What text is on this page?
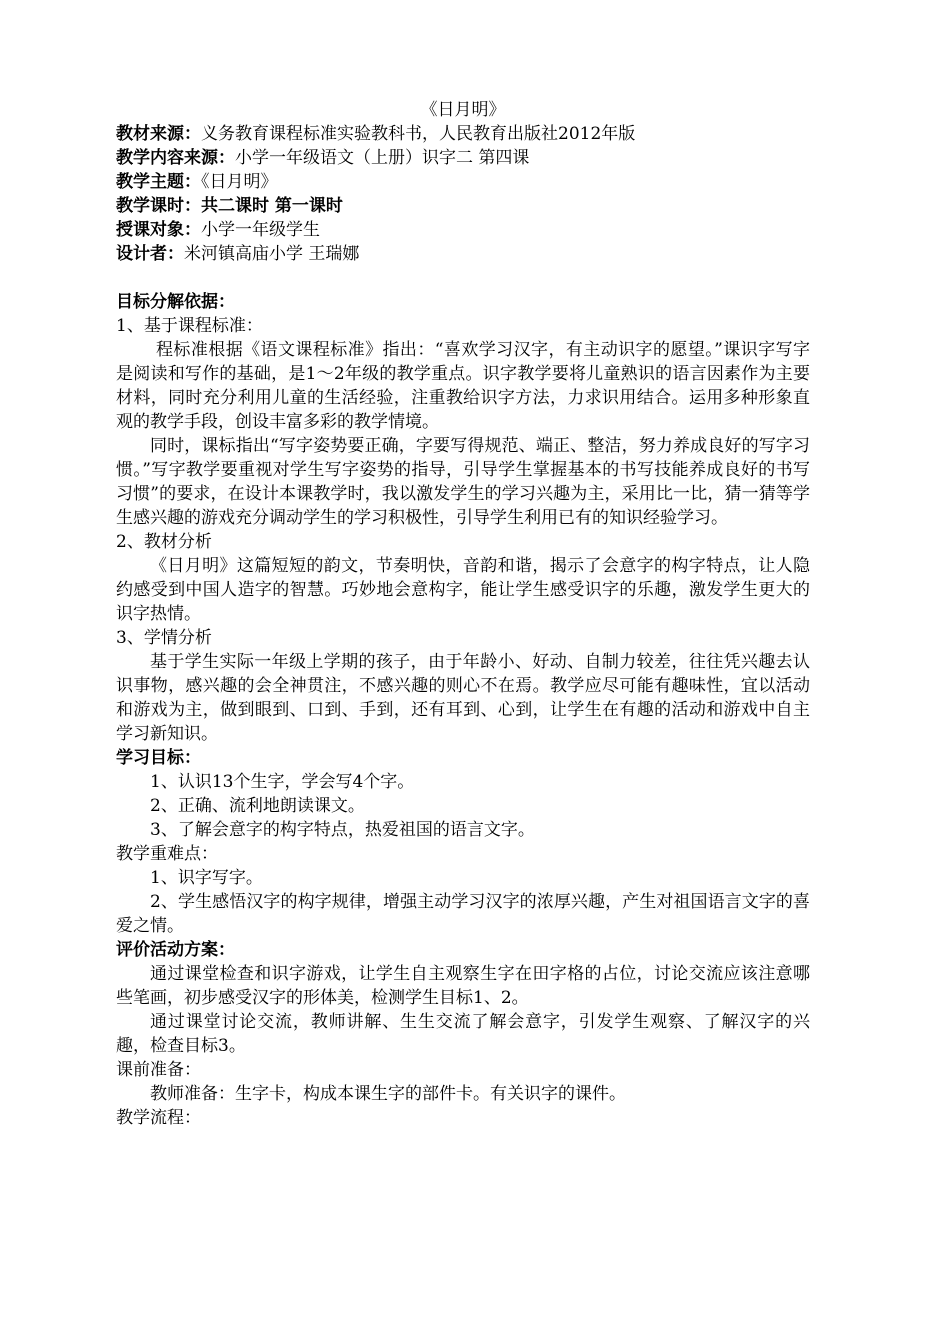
《日月明》

教材来源：义务教育课程标准实验教科书，人民教育出版社2012年版

教学内容来源：小学一年级语文（上册）识字二 第四课

教学主题：《日月明》

教学课时：共二课时 第一课时

授课对象：小学一年级学生

设计者：米河镇高庙小学 王瑞娜

目标分解依据：

1、基于课程标准：

程标准根据《语文课程标准》指出：“喜欢学习汉字，有主动识字的愿望。”课识字写字是阅读和写作的基础，是1～2年级的教学重点。识字教学要将儿童熟识的语言因素作为主要材料，同时充分利用儿童的生活经验，注重教给识字方法，力求识用结合。运用多种形象直观的教学手段，创设丰富多彩的教学情境。

同时，课标指出“写字姿势要正确，字要写得规范、端正、整洁，努力养成良好的写字习惯。”写字教学要重视对学生写字姿势的指导，引导学生掌握基本的书写技能养成良好的书写习惯”的要求，在设计本课教学时，我以激发学生的学习兴趣为主，采用比一比，猜一猜等学生感兴趣的游戏充分调动学生的学习积极性，引导学生利用已有的知识经验学习。

2、教材分析

《日月明》这篇短短的韵文，节奏明快，音韵和谐，揭示了会意字的构字特点，让人隐约感受到中国人造字的智慧。巧妙地会意构字，能让学生感受识字的乐趣，激发学生更大的识字热情。

3、学情分析

基于学生实际一年级上学期的孩子，由于年龄小、好动、自制力较差，往往凭兴趣去认识事物，感兴趣的会全神贯注，不感兴趣的则心不在焉。教学应尽可能有趣味性，宜以活动和游戏为主，做到眼到、口到、手到，还有耳到、心到，让学生在有趣的活动和游戏中自主学习新知识。

学习目标：

1、认识13个生字，学会写4个字。

2、正确、流利地朗读课文。

3、了解会意字的构字特点，热爱祖国的语言文字。

教学重难点：

1、识字写字。

2、学生感悟汉字的构字规律，增强主动学习汉字的浓厚兴趣，产生对祖国语言文字的喜爱之情。

评价活动方案：

通过课堂检查和识字游戏，让学生自主观察生字在田字格的占位，讨论交流应该注意哪些笔画，初步感受汉字的形体美，检测学生目标1、2。

通过课堂讨论交流，教师讲解、生生交流了解会意字，引发学生观察、了解汉字的兴趣，检查目标3。

课前准备：

教师准备：生字卡，构成本课生字的部件卡。有关识字的课件。

教学流程：
